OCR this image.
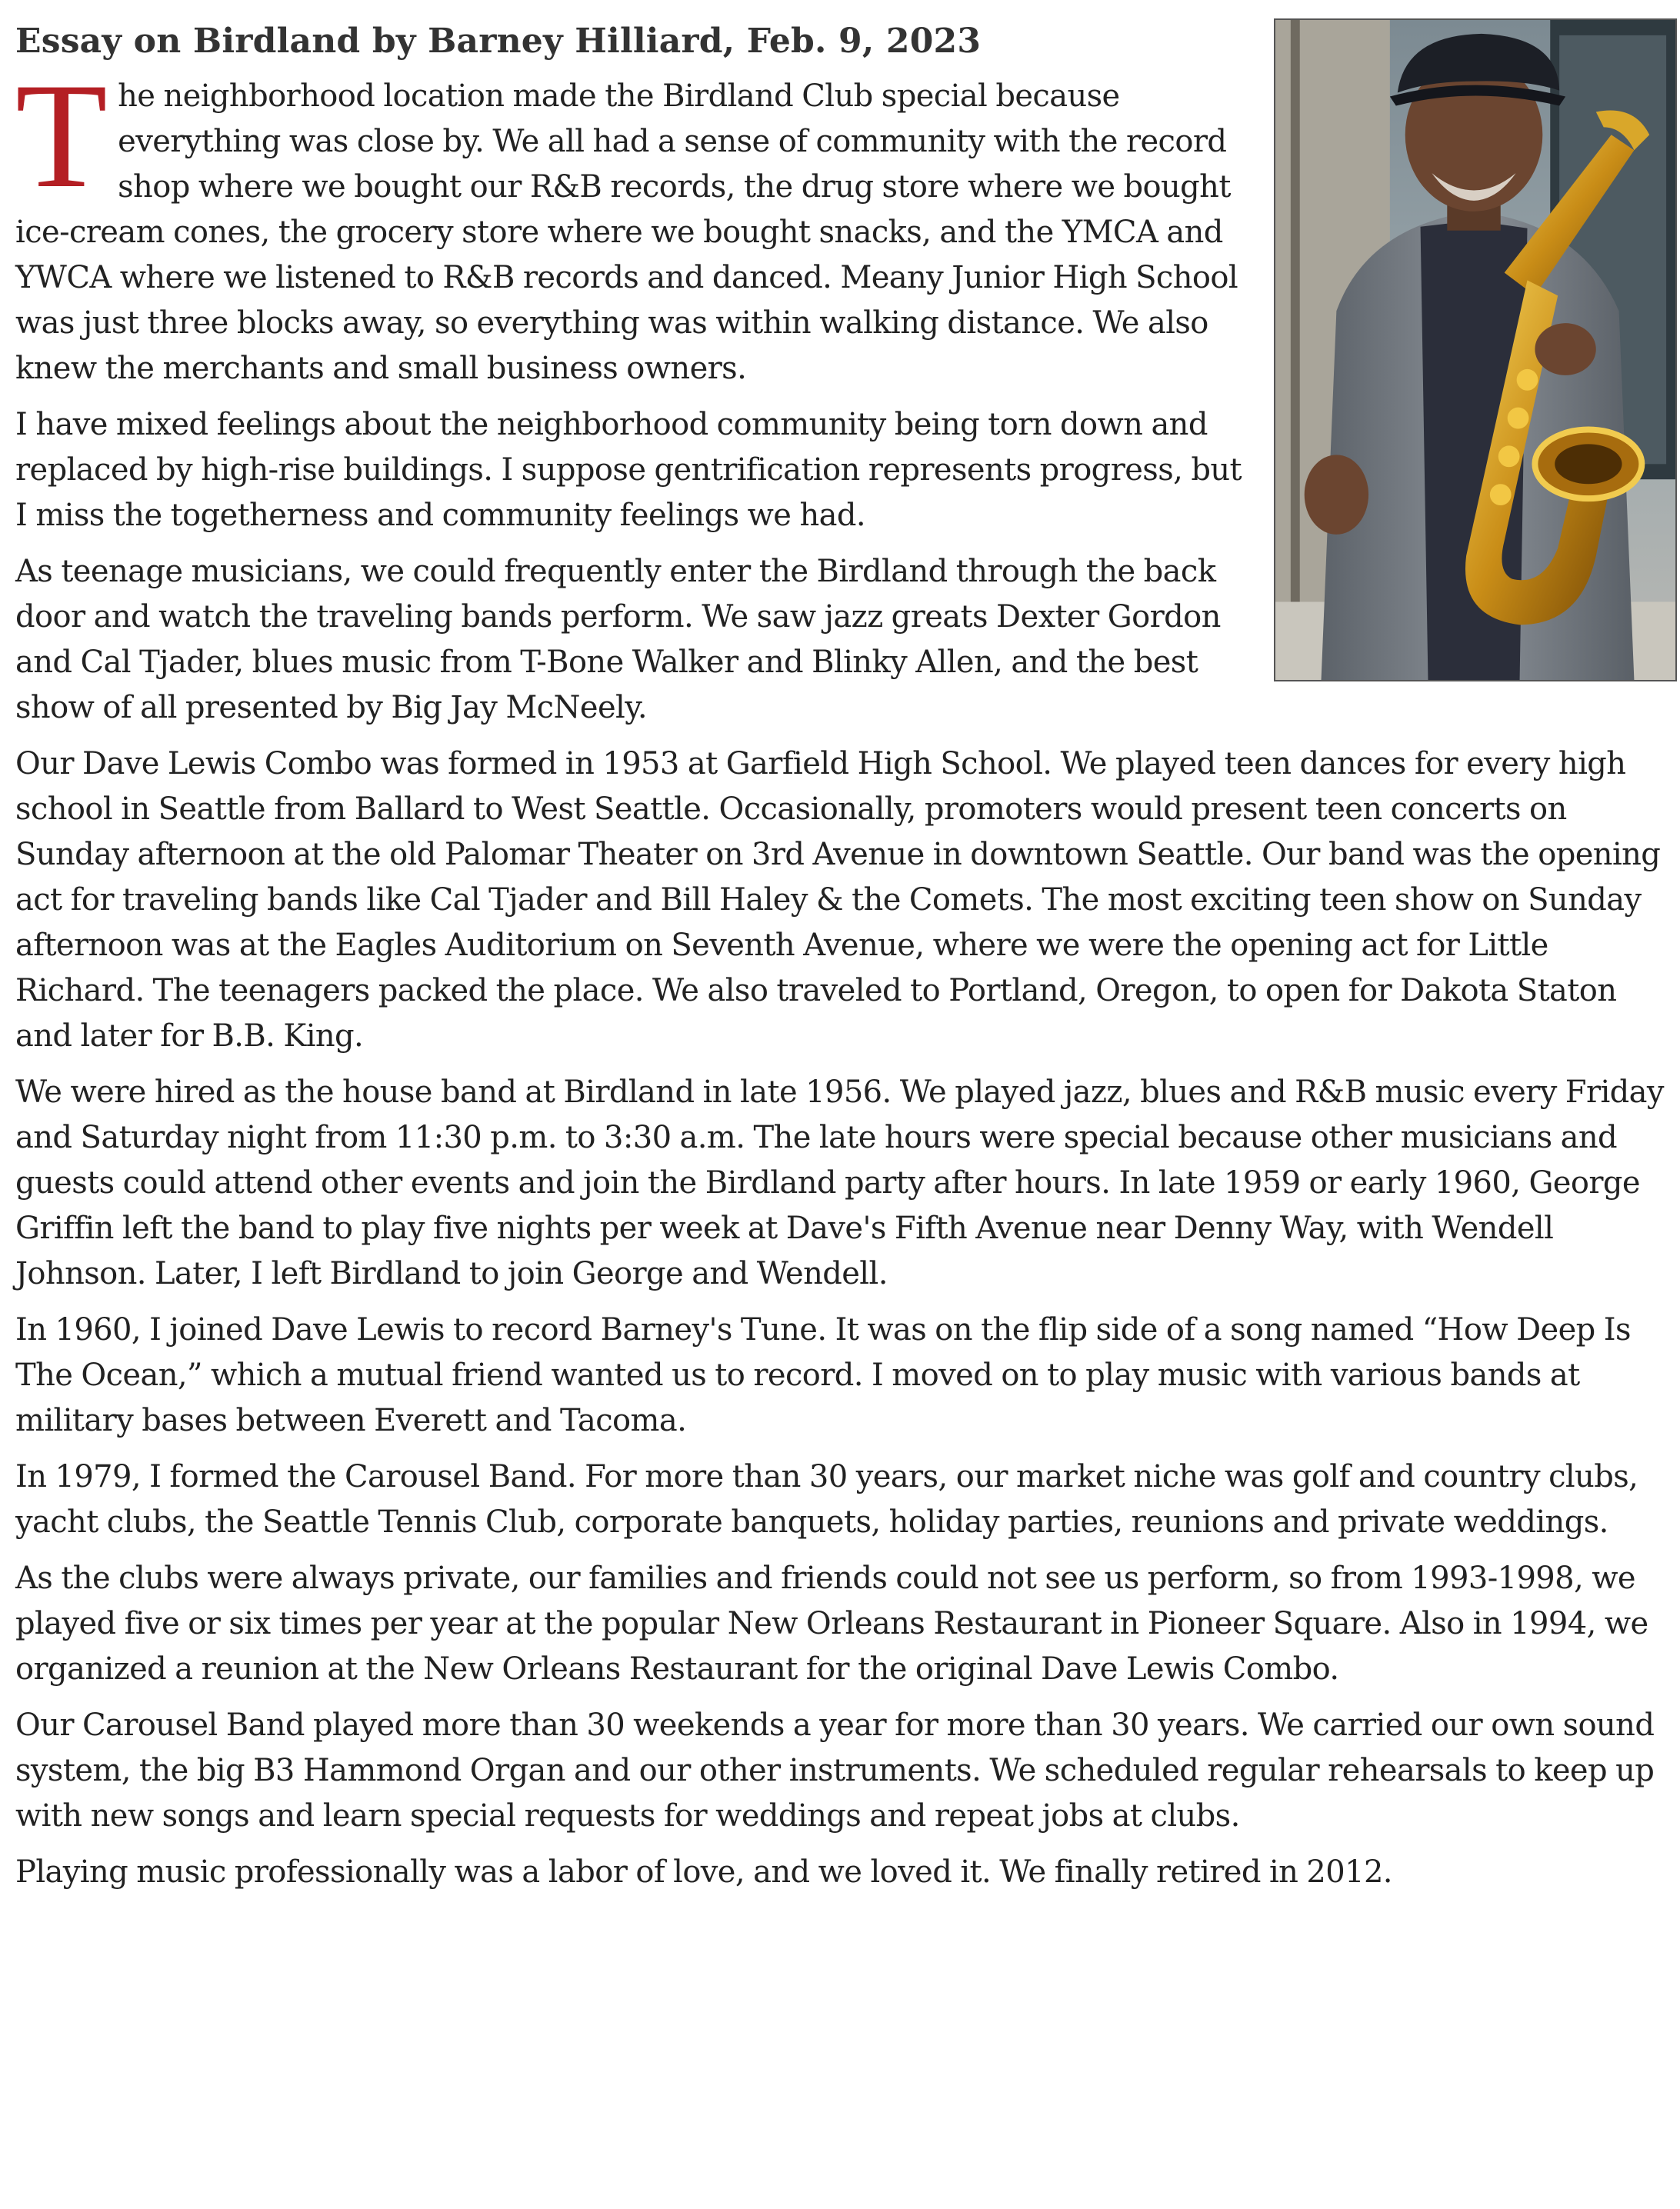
Essay on Birdland by Barney Hilliard, Feb. 9, 2023

The neighborhood location made the Birdland Club special because everything was close by. We all had a sense of community with the record shop where we bought our R&B records, the drug store where we bought ice-cream cones, the grocery store where we bought snacks, and the YMCA and YWCA where we listened to R&B records and danced. Meany Junior High School was just three blocks away, so everything was within walking distance. We also knew the merchants and small business owners.

I have mixed feelings about the neighborhood community being torn down and replaced by high-rise buildings. I suppose gentrification represents progress, but I miss the togetherness and community feelings we had.

As teenage musicians, we could frequently enter the Birdland through the back door and watch the traveling bands perform. We saw jazz greats Dexter Gordon and Cal Tjader, blues music from T-Bone Walker and Blinky Allen, and the best show of all presented by Big Jay McNeely.

Our Dave Lewis Combo was formed in 1953 at Garfield High School. We played teen dances for every high school in Seattle from Ballard to West Seattle. Occasionally, promoters would present teen concerts on Sunday afternoon at the old Palomar Theater on 3rd Avenue in downtown Seattle. Our band was the opening act for traveling bands like Cal Tjader and Bill Haley & the Comets. The most exciting teen show on Sunday afternoon was at the Eagles Auditorium on Seventh Avenue, where we were the opening act for Little Richard. The teenagers packed the place. We also traveled to Portland, Oregon, to open for Dakota Staton and later for B.B. King.

We were hired as the house band at Birdland in late 1956. We played jazz, blues and R&B music every Friday and Saturday night from 11:30 p.m. to 3:30 a.m. The late hours were special because other musicians and guests could attend other events and join the Birdland party after hours. In late 1959 or early 1960, George Griffin left the band to play five nights per week at Dave's Fifth Avenue near Denny Way, with Wendell Johnson. Later, I left Birdland to join George and Wendell.

In 1960, I joined Dave Lewis to record Barney's Tune. It was on the flip side of a song named “How Deep Is The Ocean,” which a mutual friend wanted us to record. I moved on to play music with various bands at military bases between Everett and Tacoma.

In 1979, I formed the Carousel Band. For more than 30 years, our market niche was golf and country clubs, yacht clubs, the Seattle Tennis Club, corporate banquets, holiday parties, reunions and private weddings.

As the clubs were always private, our families and friends could not see us perform, so from 1993-1998, we played five or six times per year at the popular New Orleans Restaurant in Pioneer Square. Also in 1994, we organized a reunion at the New Orleans Restaurant for the original Dave Lewis Combo.

Our Carousel Band played more than 30 weekends a year for more than 30 years. We carried our own sound system, the big B3 Hammond Organ and our other instruments. We scheduled regular rehearsals to keep up with new songs and learn special requests for weddings and repeat jobs at clubs.

Playing music professionally was a labor of love, and we loved it. We finally retired in 2012.
